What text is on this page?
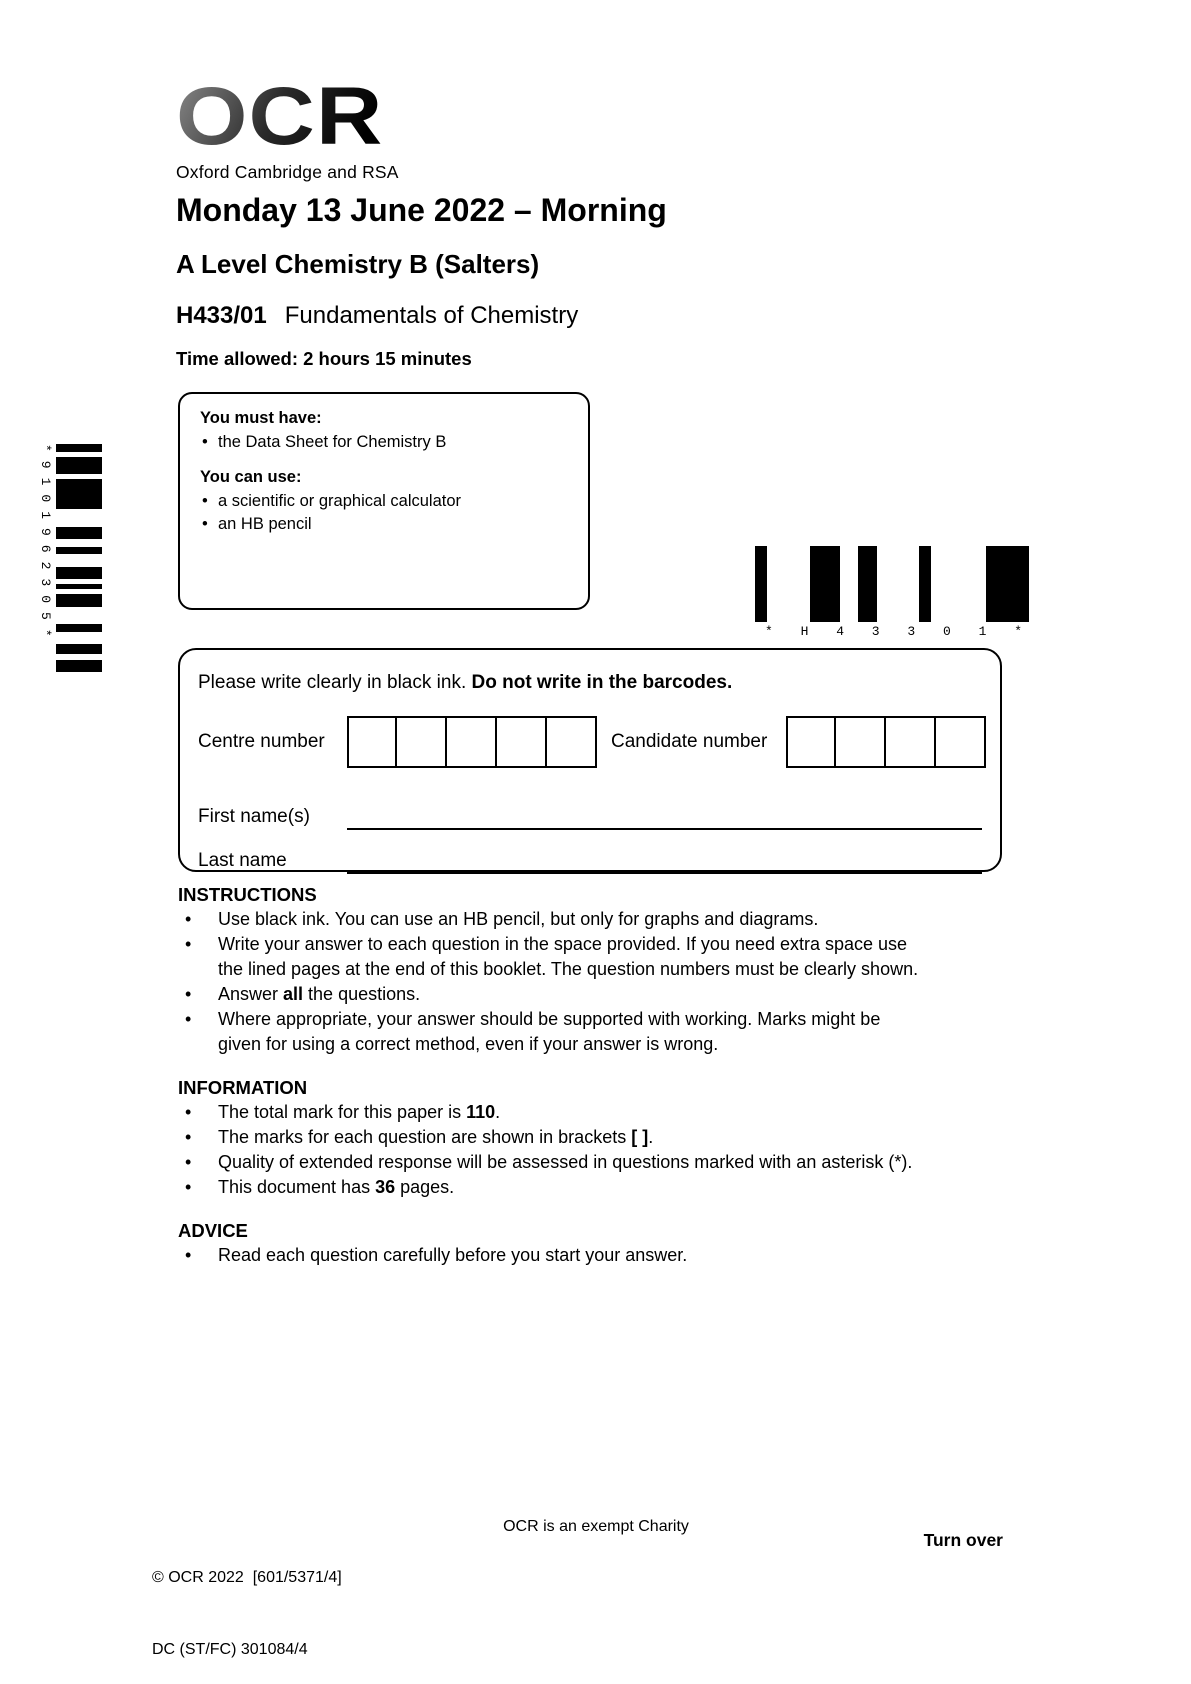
*9101962305*
OCR
Oxford Cambridge and RSA
Monday 13 June 2022 – Morning
A Level Chemistry B (Salters)
H433/01 Fundamentals of Chemistry
Time allowed: 2 hours 15 minutes

You must have:

• the Data Sheet for Chemistry B

You can use:

• a scientific or graphical calculator
• an HB pencil
* H 4 3 3 0 1 *

Please write clearly in black ink. Do not write in the barcodes.

Centre number	Candidate number
First name(s)
Last name
INSTRUCTIONS
• Use black ink. You can use an HB pencil, but only for graphs and diagrams.
• Write your answer to each question in the space provided. If you need extra space use
the lined pages at the end of this booklet. The question numbers must be clearly shown.
• Answer all the questions.
• Where appropriate, your answer should be supported with working. Marks might be
given for using a correct method, even if your answer is wrong.
INFORMATION
• The total mark for this paper is 110.
• The marks for each question are shown in brackets [ ].
• Quality of extended response will be assessed in questions marked with an asterisk (*).
• This document has 36 pages.
ADVICE
• Read each question carefully before you start your answer.

© OCR 2022  [601/5371/4]

DC (ST/FC) 301084/4

OCR is an exempt Charity
Turn over
